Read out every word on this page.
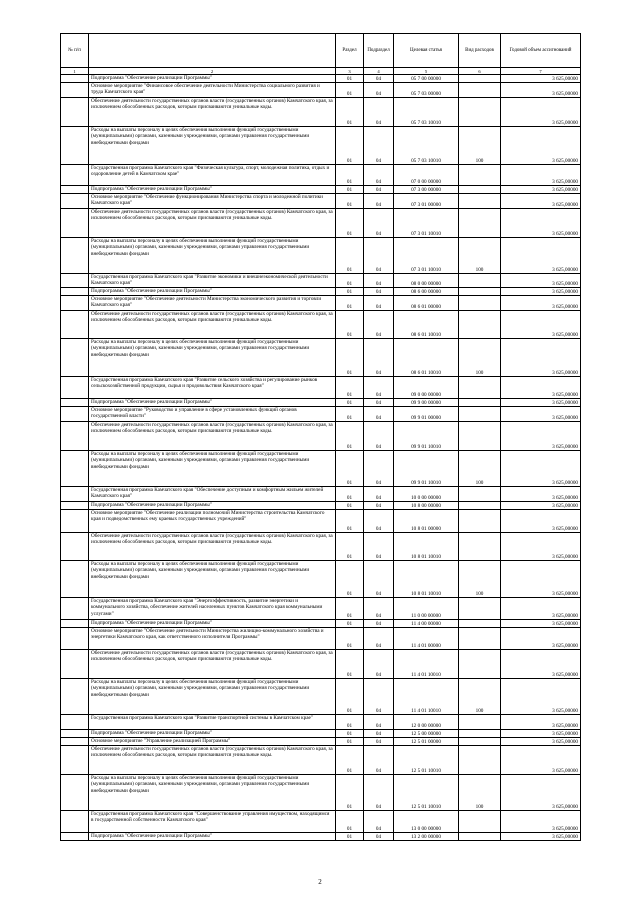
№ п/п		Раздел	Подраздел	Целевая статья	Вид расходов	Годовой объем ассигнований
1	2	3	4	5	6	7
	Подпрограмма "Обеспечение реализации Программы"	01	04	05 7 00 00000		3 625,00000
	Основное мероприятие "Финансовое обеспечение деятельности Министерства социального развития и труда Камчатского края"	01	04	05 7 03 00000		3 625,00000
	Обеспечение деятельности государственных органов власти (государственных органов) Камчатского края, за исключением обособленных расходов, которым присваиваются уникальные коды.	01	04	05 7 03 10010		3 625,00000
	Расходы на выплаты персоналу в целях обеспечения выполнения функций государственными (муниципальными) органами, казенными учреждениями, органами управления государственными внебюджетными фондами	01	04	05 7 03 10010	100	3 625,00000
	Государственная программа Камчатского края "Физическая культура, спорт, молодежная политика, отдых и оздоровление детей в Камчатском крае"	01	04	07 0 00 00000		3 625,00000
	Подпрограмма "Обеспечение реализации Программы"	01	04	07 3 00 00000		3 625,00000
	Основное мероприятие "Обеспечение функционирования Министерства спорта и молодежной политики Камчатского края"	01	04	07 3 01 00000		3 625,00000
	Обеспечение деятельности государственных органов власти (государственных органов) Камчатского края, за исключением обособленных расходов, которым присваиваются уникальные коды.	01	04	07 3 01 10010		3 625,00000
	Расходы на выплаты персоналу в целях обеспечения выполнения функций государственными (муниципальными) органами, казенными учреждениями, органами управления государственными внебюджетными фондами	01	04	07 3 01 10010	100	3 625,00000
	Государственная программа Камчатского края "Развитие экономики и внешнеэкономической деятельности Камчатского края"	01	04	08 0 00 00000		3 625,00000
	Подпрограмма "Обеспечение реализации Программы"	01	04	08 6 00 00000		3 625,00000
	Основное мероприятие "Обеспечение деятельности Министерства экономического развития и торговли Камчатского края"	01	04	08 6 01 00000		3 625,00000
	Обеспечение деятельности государственных органов власти (государственных органов) Камчатского края, за исключением обособленных расходов, которым присваиваются уникальные коды.	01	04	08 6 01 10010		3 625,00000
	Расходы на выплаты персоналу в целях обеспечения выполнения функций государственными (муниципальными) органами, казенными учреждениями, органами управления государственными внебюджетными фондами	01	04	08 6 01 10010	100	3 625,00000
	Государственная программа Камчатского края "Развитие сельского хозяйства и регулирование рынков сельскохозяйственной продукции, сырья и продовольствия Камчатского края"	01	04	09 0 00 00000		3 625,00000
	Подпрограмма "Обеспечение реализации Программы"	01	04	09 9 00 00000		3 625,00000
	Основное мероприятие "Руководство и управление в сфере установленных функций органов государственной власти"	01	04	09 9 01 00000		3 625,00000
	Обеспечение деятельности государственных органов власти (государственных органов) Камчатского края, за исключением обособленных расходов, которым присваиваются уникальные коды.	01	04	09 9 01 10010		3 625,00000
	Расходы на выплаты персоналу в целях обеспечения выполнения функций государственными (муниципальными) органами, казенными учреждениями, органами управления государственными внебюджетными фондами	01	04	09 9 01 10010	100	3 625,00000
	Государственная программа Камчатского края "Обеспечение доступным и комфортным жильем жителей Камчатского края"	01	04	10 0 00 00000		3 625,00000
	Подпрограмма "Обеспечение реализации Программы"	01	04	10 8 00 00000		3 625,00000
	Основное мероприятие "Обеспечение реализации полномочий Министерства строительства Камчатского края и подведомственных ему краевых государственных учреждений"	01	04	10 8 01 00000		3 625,00000
	Обеспечение деятельности государственных органов власти (государственных органов) Камчатского края, за исключением обособленных расходов, которым присваиваются уникальные коды.	01	04	10 8 01 10010		3 625,00000
	Расходы на выплаты персоналу в целях обеспечения выполнения функций государственными (муниципальными) органами, казенными учреждениями, органами управления государственными внебюджетными фондами	01	04	10 8 01 10010	100	3 625,00000
	Государственная программа Камчатского края "Энергоэффективность, развитие энергетики и коммунального хозяйства, обеспечение жителей населенных пунктов Камчатского края коммунальными услугами"	01	04	11 0 00 00000		3 625,00000
	Подпрограмма "Обеспечение реализации Программы"	01	04	11 4 00 00000		3 625,00000
	Основное мероприятие "Обеспечение деятельности Министерства жилищно-коммунального хозяйства и энергетики Камчатского края, как ответственного исполнителя Программы"	01	04	11 4 01 00000		3 625,00000
	Обеспечение деятельности государственных органов власти (государственных органов) Камчатского края, за исключением обособленных расходов, которым присваиваются уникальные коды.	01	04	11 4 01 10010		3 625,00000
	Расходы на выплаты персоналу в целях обеспечения выполнения функций государственными (муниципальными) органами, казенными учреждениями, органами управления государственными внебюджетными фондами	01	04	11 4 01 10010	100	3 625,00000
	Государственная программа Камчатского края "Развитие транспортной системы в Камчатском крае"	01	04	12 0 00 00000		3 625,00000
	Подпрограмма "Обеспечение реализации Программы"	01	04	12 5 00 00000		3 625,00000
	Основное мероприятие "Управление реализацией Программы"	01	04	12 5 01 00000		3 625,00000
	Обеспечение деятельности государственных органов власти (государственных органов) Камчатского края, за исключением обособленных расходов, которым присваиваются уникальные коды.	01	04	12 5 01 10010		3 625,00000
	Расходы на выплаты персоналу в целях обеспечения выполнения функций государственными (муниципальными) органами, казенными учреждениями, органами управления государственными внебюджетными фондами	01	04	12 5 01 10010	100	3 625,00000
	Государственная программа Камчатского края "Совершенствование управления имуществом, находящимся в государственной собственности Камчатского края"	01	04	13 0 00 00000		3 625,00000
	Подпрограмма "Обеспечение реализации Программы"	01	04	13 2 00 00000		3 625,00000
2
